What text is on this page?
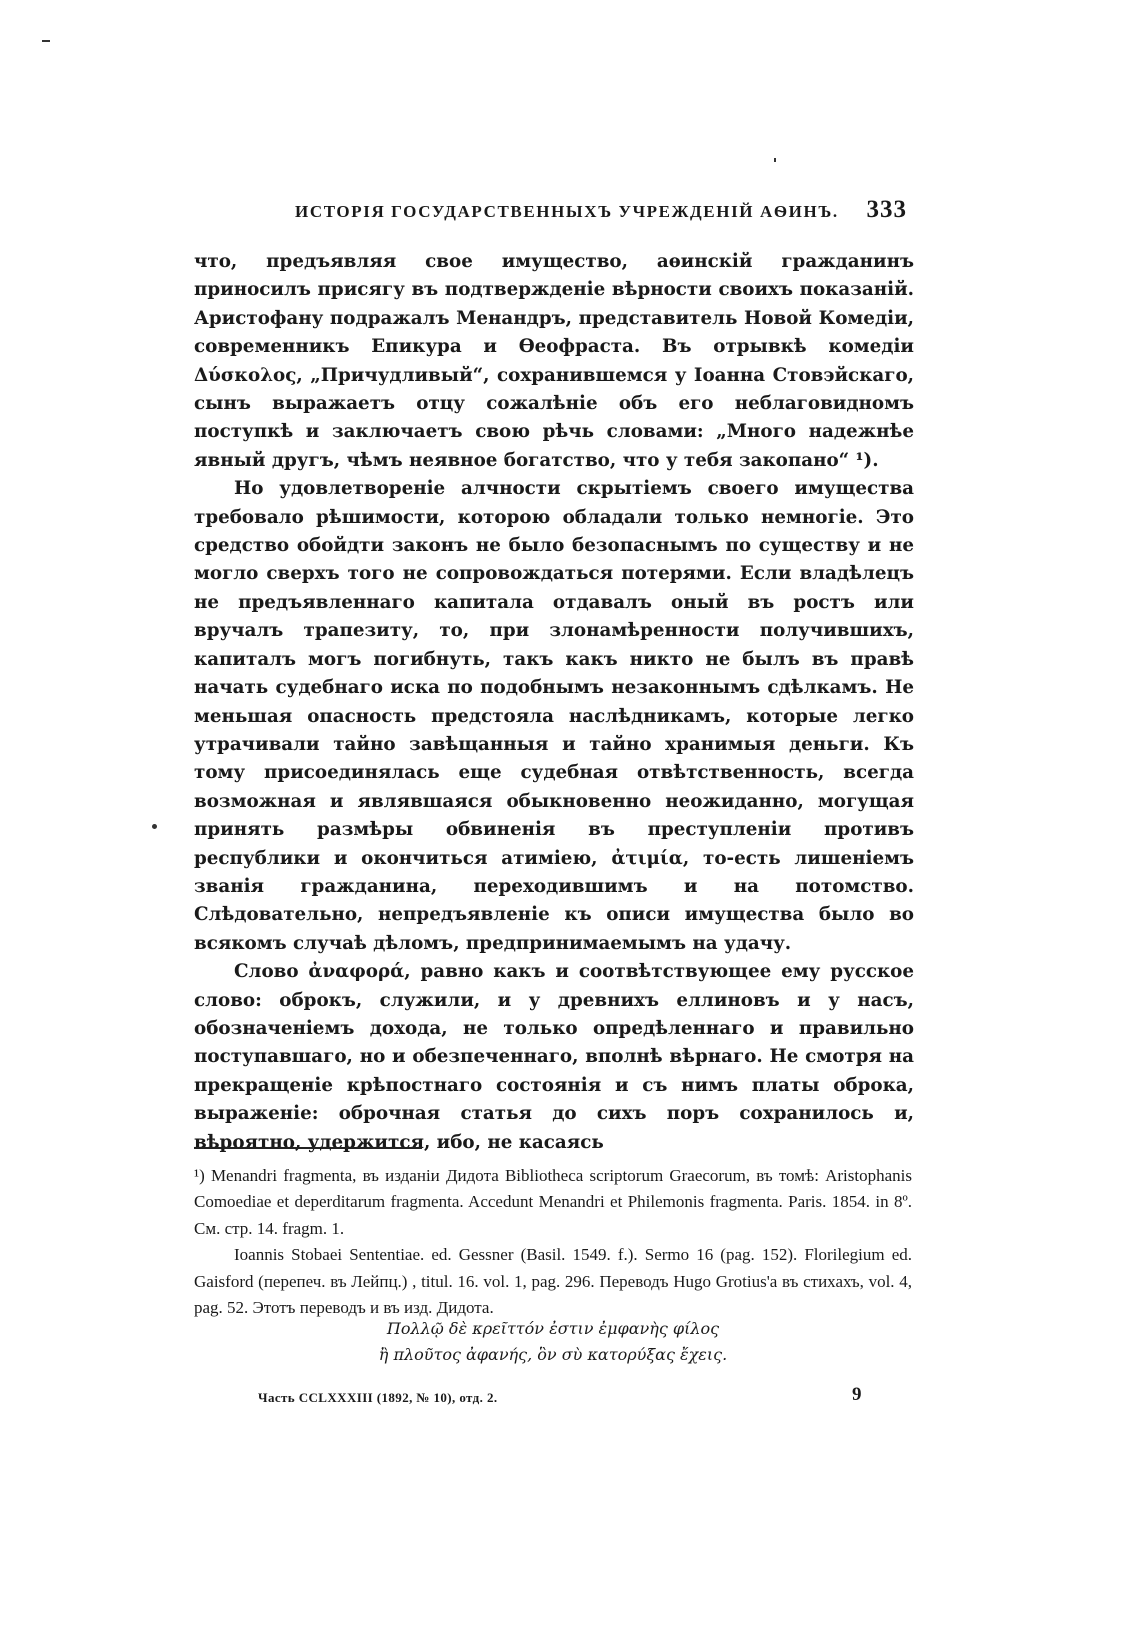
ИСТОРІЯ ГОСУДАРСТВЕННЫХЪ УЧРЕЖДЕНІЙ АѲИНЪ. 333

что, предъявляя свое имущество, аѳинскій гражданинъ приносилъ присягу въ подтвержденіе вѣрности своихъ показаній. Аристофану подражалъ Менандръ, представитель Новой Комедіи, современникъ Епикура и Ѳеофраста. Въ отрывкѣ комедіи Δύσκολος, „Причудливый“, сохранившемся у Іоанна Стовэйскаго, сынъ выражаетъ отцу сожалѣніе объ его неблаговидномъ поступкѣ и заключаетъ свою рѣчь словами: „Много надежнѣе явный другъ, чѣмъ неявное богатство, что у тебя закопано“ ¹).

Но удовлетвореніе алчности скрытіемъ своего имущества требовало рѣшимости, которою обладали только немногіе. Это средство обойдти законъ не было безопаснымъ по существу и не могло сверхъ того не сопровождаться потерями. Если владѣлецъ не предъявленнаго капитала отдавалъ оный въ ростъ или вручалъ трапезиту, то, при злонамѣренности получившихъ, капиталъ могъ погибнуть, такъ какъ никто не былъ въ правѣ начать судебнаго иска по подобнымъ незаконнымъ сдѣлкамъ. Не меньшая опасность предстояла наслѣдникамъ, которые легко утрачивали тайно завѣщанныя и тайно хранимыя деньги. Къ тому присоединялась еще судебная отвѣтственность, всегда возможная и являвшаяся обыкновенно неожиданно, могущая принять размѣры обвиненія въ преступленіи противъ республики и окончиться атиміею, ἀτιμία, то-есть лишеніемъ званія гражданина, переходившимъ и на потомство. Слѣдовательно, непредъявленіе къ описи имущества было во всякомъ случаѣ дѣломъ, предпринимаемымъ на удачу.

Слово ἀναφορά, равно какъ и соотвѣтствующее ему русское слово: оброкъ, служили, и у древнихъ еллиновъ и у насъ, обозначеніемъ дохода, не только опредѣленнаго и правильно поступавшаго, но и обезпеченнаго, вполнѣ вѣрнаго. Не смотря на прекращеніе крѣпостнаго состоянія и съ нимъ платы оброка, выраженіе: оброчная статья до сихъ поръ сохранилось и, вѣроятно, удержится, ибо, не касаясь

¹) Menandri fragmenta, въ изданіи Дидота Bibliotheca scriptorum Graecorum, въ томѣ: Aristophanis Comoediae et deperditarum fragmenta. Accedunt Menandri et Philemonis fragmenta. Paris. 1854. in 8º. См. стр. 14. fragm. 1.

Ioannis Stobaei Sententiae. ed. Gessner (Basil. 1549. f.). Sermo 16 (pag. 152). Florilegium ed. Gaisford (перепеч. въ Лейпц.) , titul. 16. vol. 1, pag. 296. Переводъ Hugo Grotius'а въ стихахъ, vol. 4, pag. 52. Этотъ переводъ и въ изд. Дидота.

Πολλῷ δὲ κρεῖττόν ἐστιν ἐμφανὴς φίλος
ἢ πλοῦτος ἀφανής, ὃν σὺ κατορύξας ἔχεις.
Часть CCLXXXIII (1892, № 10), отд. 2.	9
